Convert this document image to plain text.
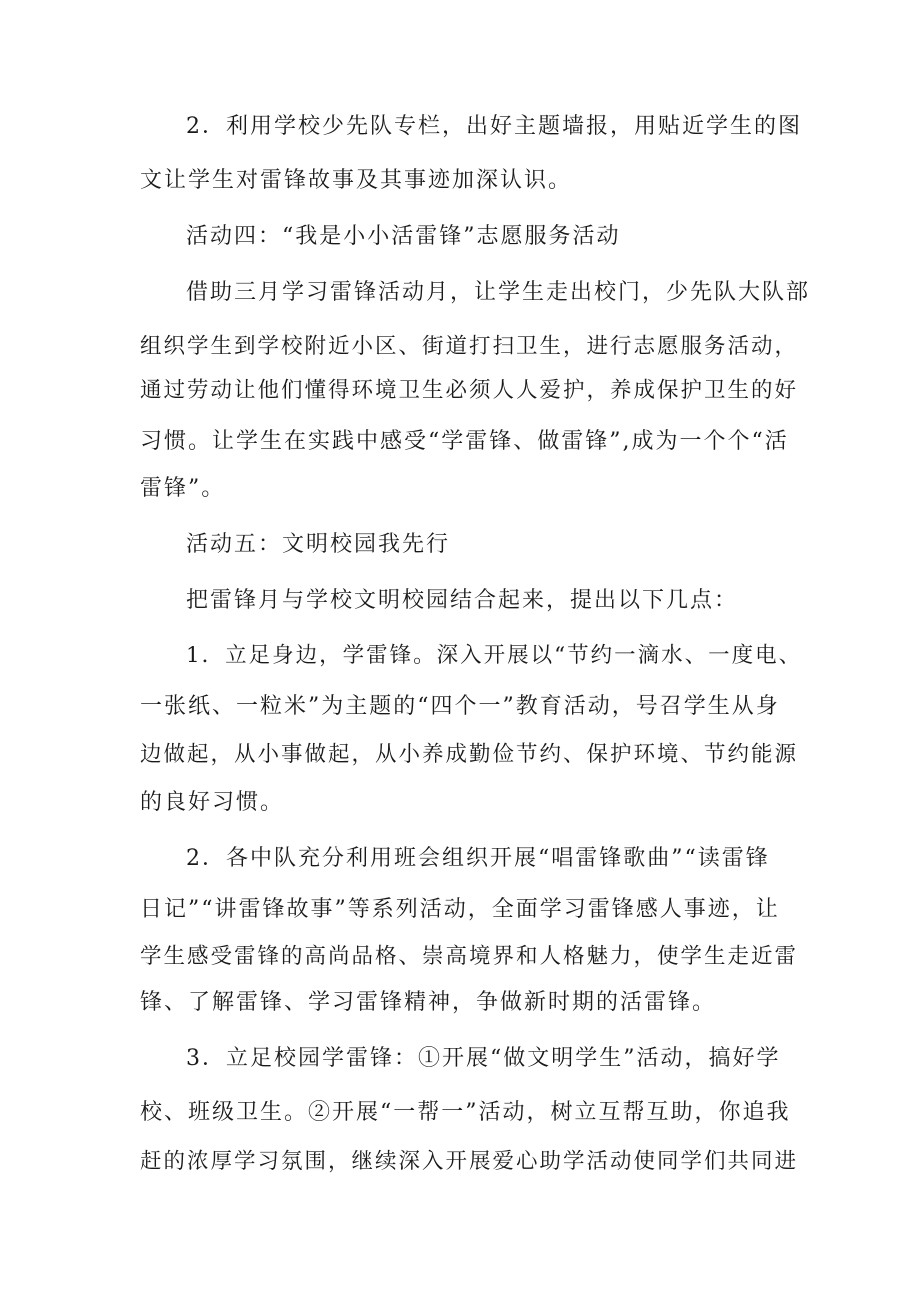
2．利用学校少先队专栏，出好主题墙报，用贴近学生的图
文让学生对雷锋故事及其事迹加深认识。
活动四：“我是小小活雷锋”志愿服务活动
借助三月学习雷锋活动月，让学生走出校门，少先队大队部
组织学生到学校附近小区、街道打扫卫生，进行志愿服务活动，
通过劳动让他们懂得环境卫生必须人人爱护，养成保护卫生的好
习惯。让学生在实践中感受“学雷锋、做雷锋”,成为一个个“活
雷锋”。
活动五：文明校园我先行
把雷锋月与学校文明校园结合起来，提出以下几点：
1．立足身边，学雷锋。深入开展以“节约一滴水、一度电、
一张纸、一粒米”为主题的“四个一”教育活动，号召学生从身
边做起，从小事做起，从小养成勤俭节约、保护环境、节约能源
的良好习惯。
2．各中队充分利用班会组织开展“唱雷锋歌曲”“读雷锋
日记”“讲雷锋故事”等系列活动，全面学习雷锋感人事迹，让
学生感受雷锋的高尚品格、崇高境界和人格魅力，使学生走近雷
锋、了解雷锋、学习雷锋精神，争做新时期的活雷锋。
3．立足校园学雷锋：①开展“做文明学生”活动，搞好学
校、班级卫生。②开展“一帮一”活动，树立互帮互助，你追我
赶的浓厚学习氛围，继续深入开展爱心助学活动使同学们共同进
